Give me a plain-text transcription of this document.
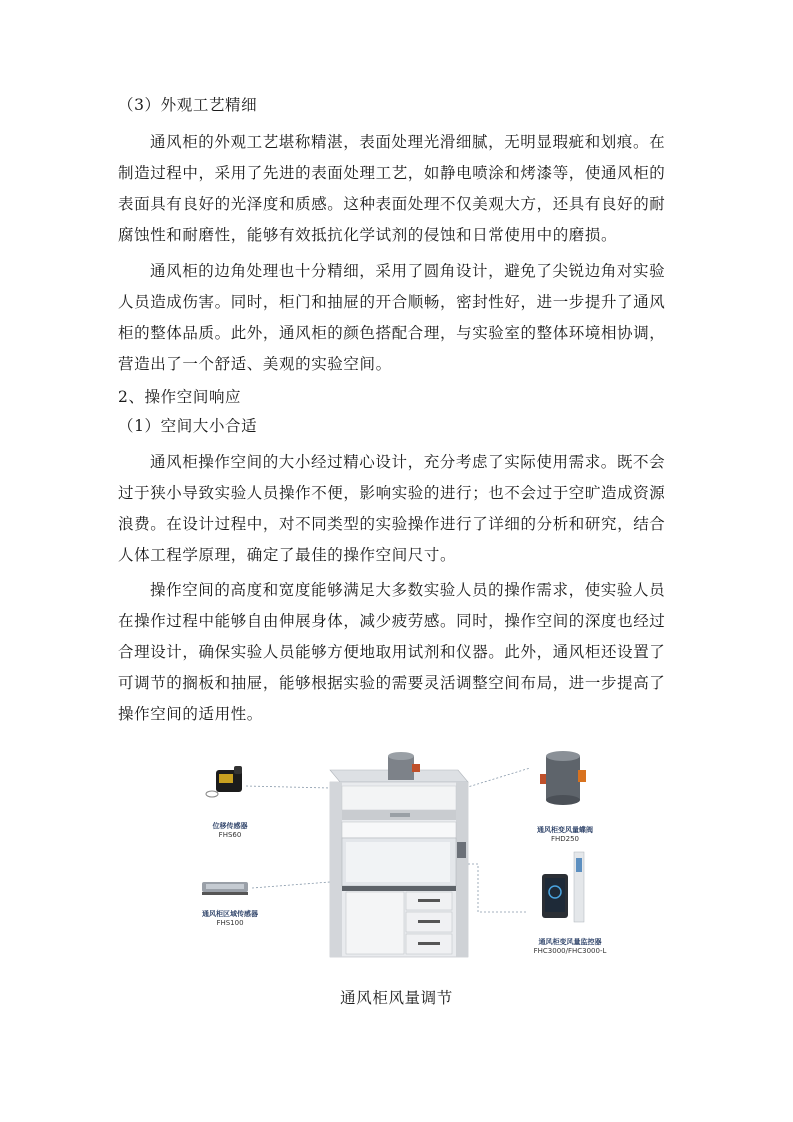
（3）外观工艺精细
通风柜的外观工艺堪称精湛，表面处理光滑细腻，无明显瑕疵和划痕。在
制造过程中，采用了先进的表面处理工艺，如静电喷涂和烤漆等，使通风柜的
表面具有良好的光泽度和质感。这种表面处理不仅美观大方，还具有良好的耐
腐蚀性和耐磨性，能够有效抵抗化学试剂的侵蚀和日常使用中的磨损。
通风柜的边角处理也十分精细，采用了圆角设计，避免了尖锐边角对实验
人员造成伤害。同时，柜门和抽屉的开合顺畅，密封性好，进一步提升了通风
柜的整体品质。此外，通风柜的颜色搭配合理，与实验室的整体环境相协调，
营造出了一个舒适、美观的实验空间。
2、操作空间响应
（1）空间大小合适
通风柜操作空间的大小经过精心设计，充分考虑了实际使用需求。既不会
过于狭小导致实验人员操作不便，影响实验的进行；也不会过于空旷造成资源
浪费。在设计过程中，对不同类型的实验操作进行了详细的分析和研究，结合
人体工程学原理，确定了最佳的操作空间尺寸。
操作空间的高度和宽度能够满足大多数实验人员的操作需求，使实验人员
在操作过程中能够自由伸展身体，减少疲劳感。同时，操作空间的深度也经过
合理设计，确保实验人员能够方便地取用试剂和仪器。此外，通风柜还设置了
可调节的搁板和抽屉，能够根据实验的需要灵活调整空间布局，进一步提高了
操作空间的适用性。
位移传感器
FHS60
通风柜区域传感器
FHS100
通风柜变风量蝶阀
FHD250
通风柜变风量监控器
FHC3000/FHC3000-L
通风柜风量调节
